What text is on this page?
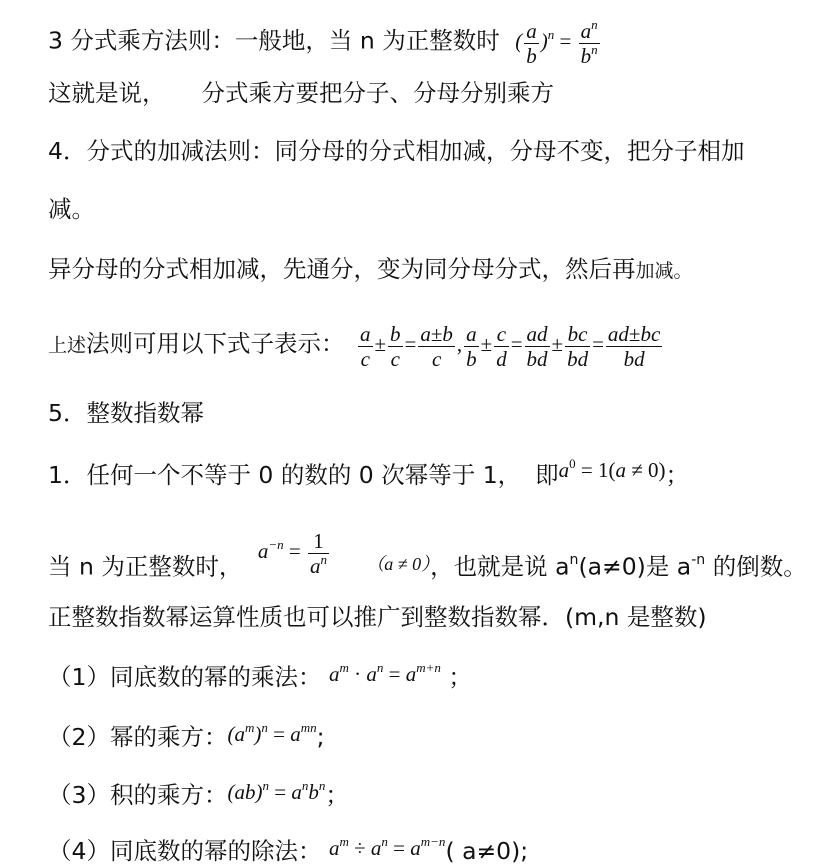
3 分式乘方法则：一般地，当 n 为正整数时 ( $\frac{a}{b} )^n = \frac{a^n}{b^n}$
这就是说， 分式乘方要把分子、分母分别乘方
4．分式的加减法则：同分母的分式相加减，分母不变，把分子相加
减。
异分母的分式相加减，先通分，变为同分母分式，然后再加减。
上述法则可用以下式子表示： $\frac{a}{c} \pm \frac{b}{c} = \frac{a\pm b}{c}$ , $\frac{a}{b} \pm \frac{c}{d} = \frac{ad}{bd} \pm \frac{bc}{bd} = \frac{ad\pm bc}{bd}$
5．整数指数幂
1．任何一个不等于 0 的数的 0 次幂等于 1， 即$a^0 = 1(a \ne 0)$；
当 n 为正整数时， $a^{-n} = \frac{1}{a^n} (a \ne 0)$，也就是说 $a^n(a\ne 0)$是 $a^{-n}$ 的倒数。
正整数指数幂运算性质也可以推广到整数指数幂．(m,n 是整数)
（1）同底数的幂的乘法： $a^m \cdot a^n = a^{m+n}$ ；
（2）幂的乘方：$(a^m)^n = a^{mn}$;
（3）积的乘方：$(ab)^n = a^nb^n$；
（4）同底数的幂的除法： $a^m \div a^n = a^{m-n}$( a≠0);
